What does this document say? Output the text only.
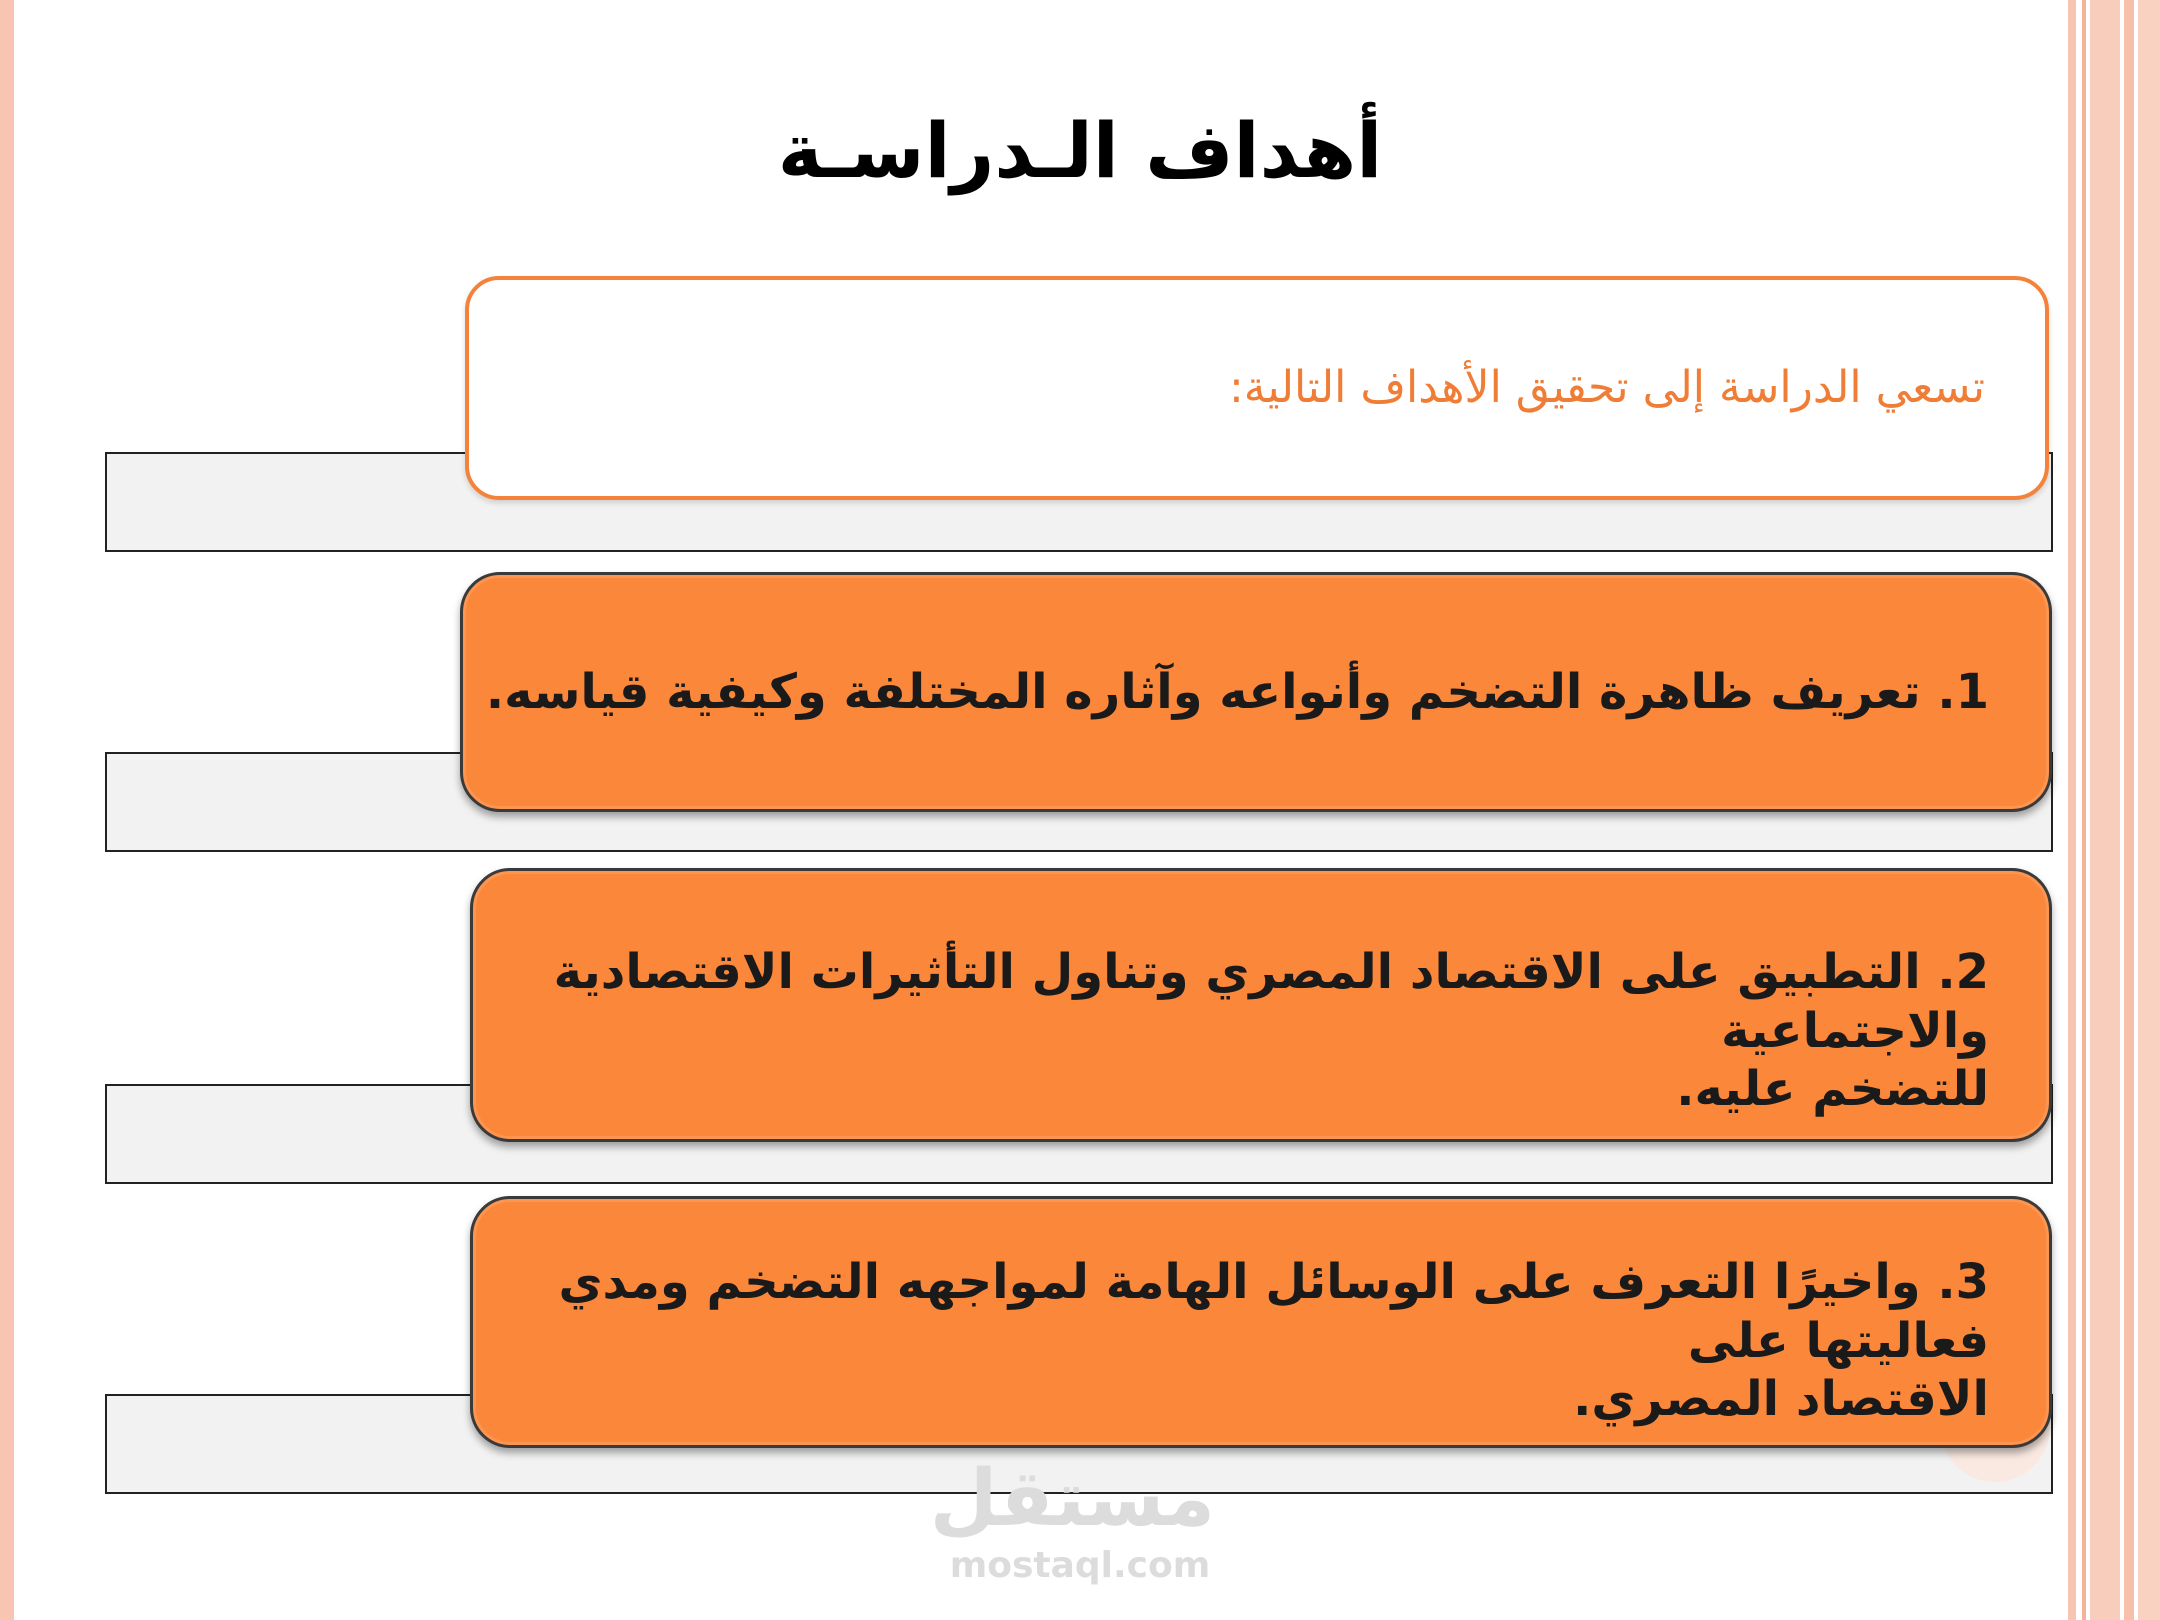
أهداف الـدراسـة
تسعي الدراسة إلى تحقيق الأهداف التالية:
1. تعريف ظاهرة التضخم وأنواعه وآثاره المختلفة وكيفية قياسه.
2. التطبيق على الاقتصاد المصري وتناول التأثيرات الاقتصادية والاجتماعية
للتضخم عليه.
3. واخيرًا التعرف على الوسائل الهامة لمواجهه التضخم ومدي فعاليتها على
الاقتصاد المصري.
مستقل
mostaql.com
